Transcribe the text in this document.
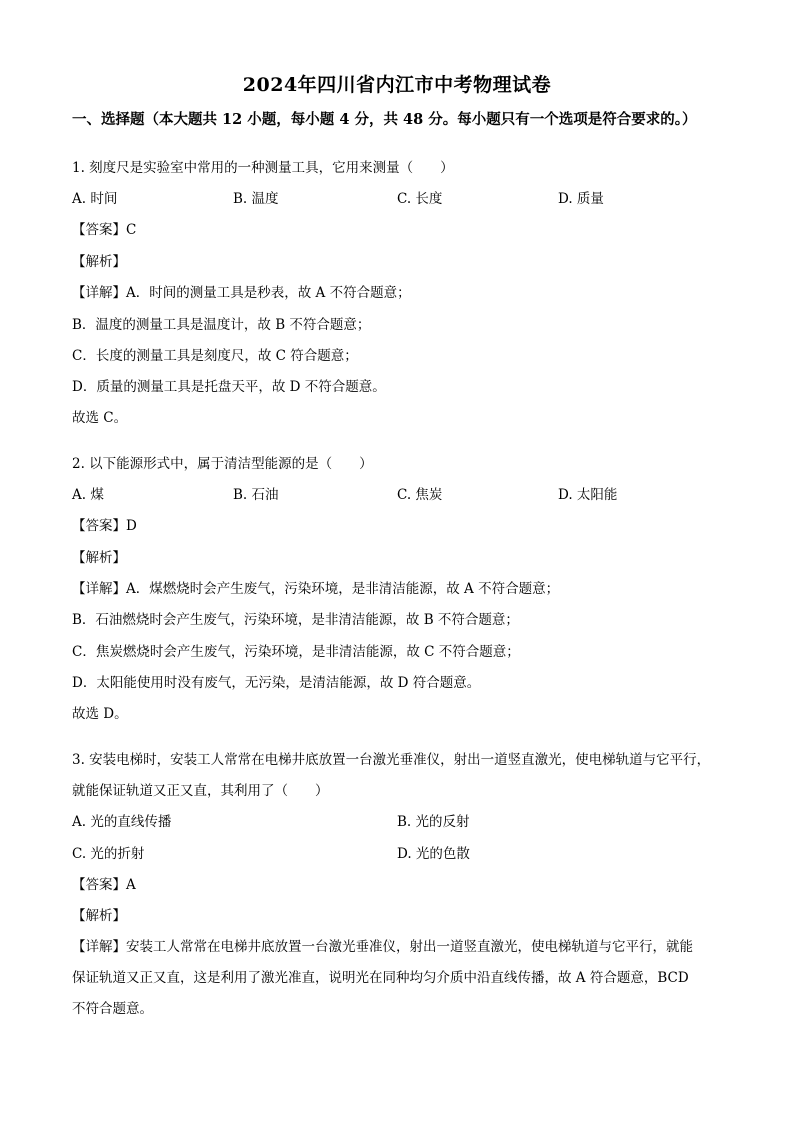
2024年四川省内江市中考物理试卷
一、选择题（本大题共 12 小题，每小题 4 分，共 48 分。每小题只有一个选项是符合要求的。）
1. 刻度尺是实验室中常用的一种测量工具，它用来测量（　　）
A. 时间	B. 温度	C. 长度	D. 质量
【答案】C
【解析】
【详解】A．时间的测量工具是秒表，故 A 不符合题意；
B．温度的测量工具是温度计，故 B 不符合题意；
C．长度的测量工具是刻度尺，故 C 符合题意；
D．质量的测量工具是托盘天平，故 D 不符合题意。
故选 C。
2. 以下能源形式中，属于清洁型能源的是（　　）
A. 煤	B. 石油	C. 焦炭	D. 太阳能
【答案】D
【解析】
【详解】A．煤燃烧时会产生废气，污染环境，是非清洁能源，故 A 不符合题意；
B．石油燃烧时会产生废气，污染环境，是非清洁能源，故 B 不符合题意；
C．焦炭燃烧时会产生废气，污染环境，是非清洁能源，故 C 不符合题意；
D．太阳能使用时没有废气，无污染，是清洁能源，故 D 符合题意。
故选 D。
3. 安装电梯时，安装工人常常在电梯井底放置一台激光垂准仪，射出一道竖直激光，使电梯轨道与它平行，
就能保证轨道又正又直，其利用了（　　）
A. 光的直线传播	B. 光的反射
C. 光的折射	D. 光的色散
【答案】A
【解析】
【详解】安装工人常常在电梯井底放置一台激光垂准仪，射出一道竖直激光，使电梯轨道与它平行，就能
保证轨道又正又直，这是利用了激光准直，说明光在同种均匀介质中沿直线传播，故 A 符合题意，BCD
不符合题意。
